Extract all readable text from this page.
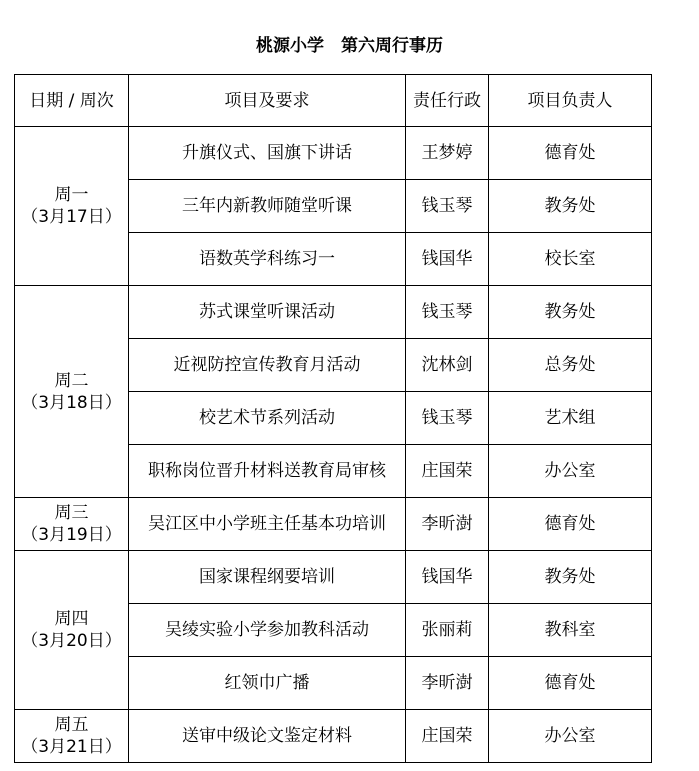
桃源小学　第六周行事历
日期 / 周次	项目及要求	责任行政	项目负责人

周一
（3月17日）	升旗仪式、国旗下讲话	王梦婷	德育处
	三年内新教师随堂听课	钱玉琴	教务处
	语数英学科练习一	钱国华	校长室

周二
（3月18日）	苏式课堂听课活动	钱玉琴	教务处
	近视防控宣传教育月活动	沈林剑	总务处
	校艺术节系列活动	钱玉琴	艺术组
	职称岗位晋升材料送教育局审核	庄国荣	办公室

周三
（3月19日）	吴江区中小学班主任基本功培训	李昕澍	德育处

周四
（3月20日）	国家课程纲要培训	钱国华	教务处
	吴绫实验小学参加教科活动	张丽莉	教科室
	红领巾广播	李昕澍	德育处

周五
（3月21日）	送审中级论文鉴定材料	庄国荣	办公室
